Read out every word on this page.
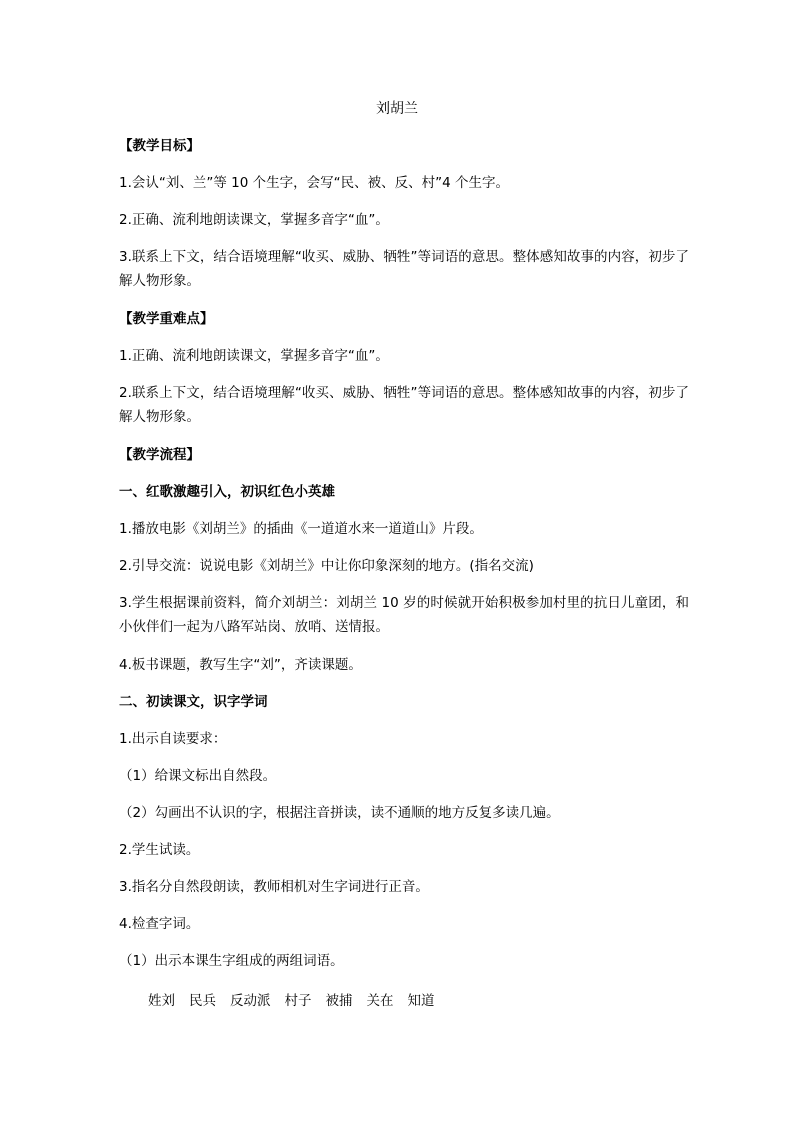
刘胡兰
【教学目标】
1.会认“刘、兰”等 10 个生字，会写“民、被、反、村”4 个生字。
2.正确、流利地朗读课文，掌握多音字“血”。
3.联系上下文，结合语境理解“收买、威胁、牺牲”等词语的意思。整体感知故事的内容，初步了解人物形象。
【教学重难点】
1.正确、流利地朗读课文，掌握多音字“血”。
2.联系上下文，结合语境理解“收买、威胁、牺牲”等词语的意思。整体感知故事的内容，初步了解人物形象。
【教学流程】
一、红歌激趣引入，初识红色小英雄
1.播放电影《刘胡兰》的插曲《一道道水来一道道山》片段。
2.引导交流：说说电影《刘胡兰》中让你印象深刻的地方。(指名交流)
3.学生根据课前资料，简介刘胡兰：刘胡兰 10 岁的时候就开始积极参加村里的抗日儿童团，和小伙伴们一起为八路军站岗、放哨、送情报。
4.板书课题，教写生字“刘”，齐读课题。
二、初读课文，识字学词
1.出示自读要求：
（1）给课文标出自然段。
（2）勾画出不认识的字，根据注音拼读，读不通顺的地方反复多读几遍。
2.学生试读。
3.指名分自然段朗读，教师相机对生字词进行正音。
4.检查字词。
（1）出示本课生字组成的两组词语。
姓刘 民兵 反动派 村子 被捕 关在 知道
